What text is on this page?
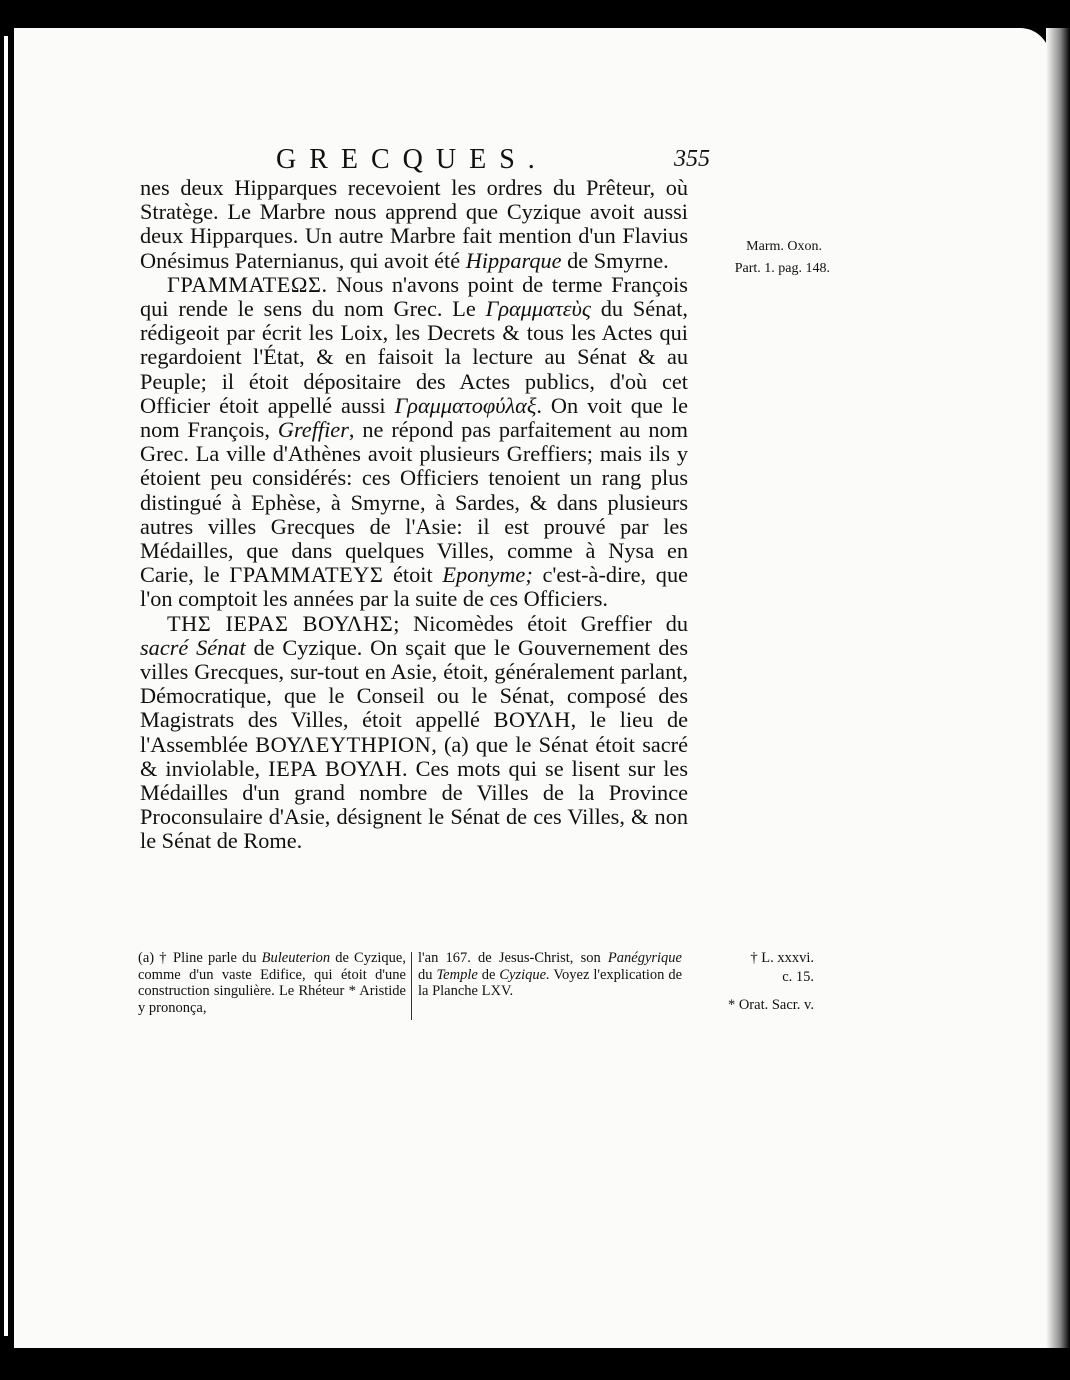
GRECQUES.	355

nes deux Hipparques recevoient les ordres du Prêteur, où Stratège. Le Marbre nous apprend que Cyzique avoit aussi deux Hipparques. Un autre Marbre fait mention d'un Flavius Onésimus Paternianus, qui avoit été Hipparque de Smyrne.

ΓΡΑΜΜΑΤΕΩΣ. Nous n'avons point de terme François qui rende le sens du nom Grec. Le Γραμματεὺς du Sénat, rédigeoit par écrit les Loix, les Decrets & tous les Actes qui regardoient l'État, & en faisoit la lecture au Sénat & au Peuple; il étoit dépositaire des Actes publics, d'où cet Officier étoit appellé aussi Γραμματοφύλαξ. On voit que le nom François, Greffier, ne répond pas parfaitement au nom Grec. La ville d'Athènes avoit plusieurs Greffiers; mais ils y étoient peu considérés: ces Officiers tenoient un rang plus distingué à Ephèse, à Smyrne, à Sardes, & dans plusieurs autres villes Grecques de l'Asie: il est prouvé par les Médailles, que dans quelques Villes, comme à Nysa en Carie, le ΓΡΑΜΜΑΤΕΥΣ étoit Eponyme; c'est-à-dire, que l'on comptoit les années par la suite de ces Officiers.

ΤΗΣ ΙΕΡΑΣ ΒΟΥΛΗΣ; Nicomèdes étoit Greffier du sacré Sénat de Cyzique. On sçait que le Gouvernement des villes Grecques, sur-tout en Asie, étoit, généralement parlant, Démocratique, que le Conseil ou le Sénat, composé des Magistrats des Villes, étoit appellé ΒΟΥΛΗ, le lieu de l'Assemblée ΒΟΥΛΕΥΤΗΡΙΟΝ, (a) que le Sénat étoit sacré & inviolable, ΙΕΡΑ ΒΟΥΛΗ. Ces mots qui se lisent sur les Médailles d'un grand nombre de Villes de la Province Proconsulaire d'Asie, désignent le Sénat de ces Villes, & non le Sénat de Rome.

Marm. Oxon.
Part. 1. pag. 148.
(a) † Pline parle du Buleuterion de Cyzique, comme d'un vaste Edifice, qui étoit d'une construction singulière. Le Rhéteur * Aristide y prononça,
l'an 167. de Jesus-Christ, son Panégyrique du Temple de Cyzique. Voyez l'explication de la Planche LXV.
† L. xxxvi.
c. 15.
* Orat. Sacr. v.
